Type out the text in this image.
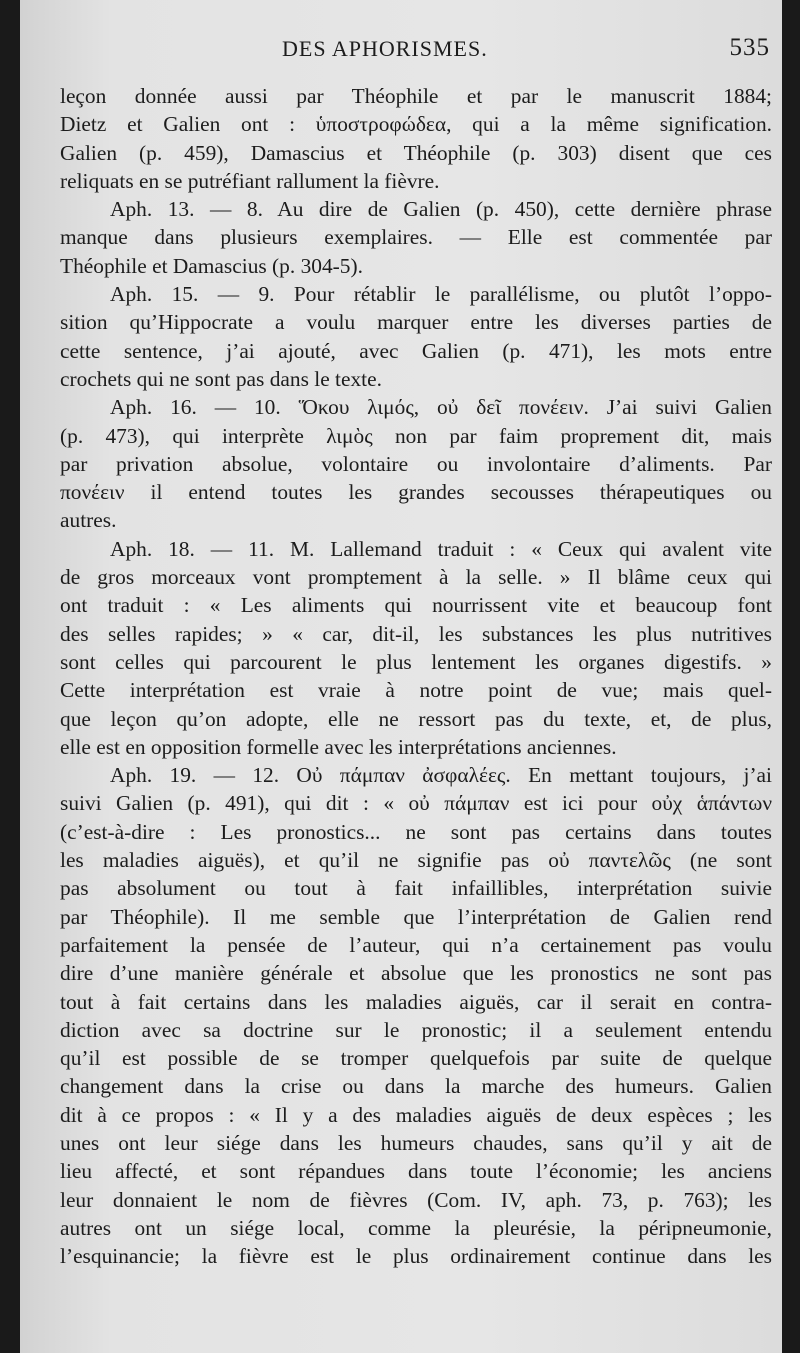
DES APHORISMES.	535
leçon donnée aussi par Théophile et par le manuscrit 1884;
Dietz et Galien ont : ὑποστροφώδεα, qui a la même signification.
Galien (p. 459), Damascius et Théophile (p. 303) disent que ces
reliquats en se putréfiant rallument la fièvre.
Aph. 13. — 8. Au dire de Galien (p. 450), cette dernière phrase
manque dans plusieurs exemplaires. — Elle est commentée par
Théophile et Damascius (p. 304-5).
Aph. 15. — 9. Pour rétablir le parallélisme, ou plutôt l’oppo-
sition qu’Hippocrate a voulu marquer entre les diverses parties de
cette sentence, j’ai ajouté, avec Galien (p. 471), les mots entre
crochets qui ne sont pas dans le texte.
Aph. 16. — 10. Ὅκου λιμός, οὐ δεῖ πονέειν. J’ai suivi Galien
(p. 473), qui interprète λιμὸς non par faim proprement dit, mais
par privation absolue, volontaire ou involontaire d’aliments. Par
πονέειν il entend toutes les grandes secousses thérapeutiques ou
autres.
Aph. 18. — 11. M. Lallemand traduit : « Ceux qui avalent vite
de gros morceaux vont promptement à la selle. » Il blâme ceux qui
ont traduit : « Les aliments qui nourrissent vite et beaucoup font
des selles rapides; » « car, dit-il, les substances les plus nutritives
sont celles qui parcourent le plus lentement les organes digestifs. »
Cette interprétation est vraie à notre point de vue; mais quel-
que leçon qu’on adopte, elle ne ressort pas du texte, et, de plus,
elle est en opposition formelle avec les interprétations anciennes.
Aph. 19. — 12. Οὐ πάμπαν ἀσφαλέες. En mettant toujours, j’ai
suivi Galien (p. 491), qui dit : « οὐ πάμπαν est ici pour οὐχ ἁπάντων
(c’est-à-dire : Les pronostics... ne sont pas certains dans toutes
les maladies aiguës), et qu’il ne signifie pas οὐ παντελῶς (ne sont
pas absolument ou tout à fait infaillibles, interprétation suivie
par Théophile). Il me semble que l’interprétation de Galien rend
parfaitement la pensée de l’auteur, qui n’a certainement pas voulu
dire d’une manière générale et absolue que les pronostics ne sont pas
tout à fait certains dans les maladies aiguës, car il serait en contra-
diction avec sa doctrine sur le pronostic; il a seulement entendu
qu’il est possible de se tromper quelquefois par suite de quelque
changement dans la crise ou dans la marche des humeurs. Galien
dit à ce propos : « Il y a des maladies aiguës de deux espèces ; les
unes ont leur siége dans les humeurs chaudes, sans qu’il y ait de
lieu affecté, et sont répandues dans toute l’économie; les anciens
leur donnaient le nom de fièvres (Com. IV, aph. 73, p. 763); les
autres ont un siége local, comme la pleurésie, la péripneumonie,
l’esquinancie; la fièvre est le plus ordinairement continue dans les
